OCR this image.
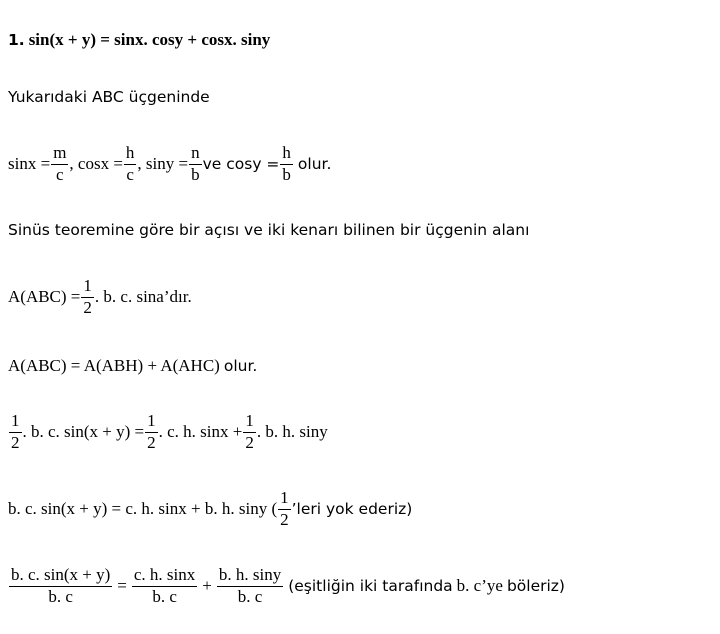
1. sin(x + y) = sinx. cosy + cosx. siny
Yukarıdaki ABC üçgeninde
$\sin x = \frac{m}{c}$ , $\cos x = \frac{h}{c}$ , $\sin y = \frac{n}{b}$ ve $\cos y = \frac{h}{b}$ olur.
Sinüs teoremine göre bir açısı ve iki kenarı bilinen bir üçgenin alanı
$A(ABC) = \frac{1}{2}$ . b. c. sina’dır.
A(ABC) = A(ABH) + A(AHC) olur.
$\frac{1}{2}$ . b. c. $\sin(x + y) = \frac{1}{2}$ . c. h. $\sin x + \frac{1}{2}$ . b. h. siny
b. c. sin(x + y) = c. h. sinx + b. h. siny ( $\frac{1}{2}$ ’leri yok ederiz)
$\frac{b. c. \sin(x + y)}{b. c} = \frac{c. h. \sin x}{b. c} + \frac{b. h. \sin y}{b. c}$ (eşitliğin iki tarafında b. c’ye böleriz)
